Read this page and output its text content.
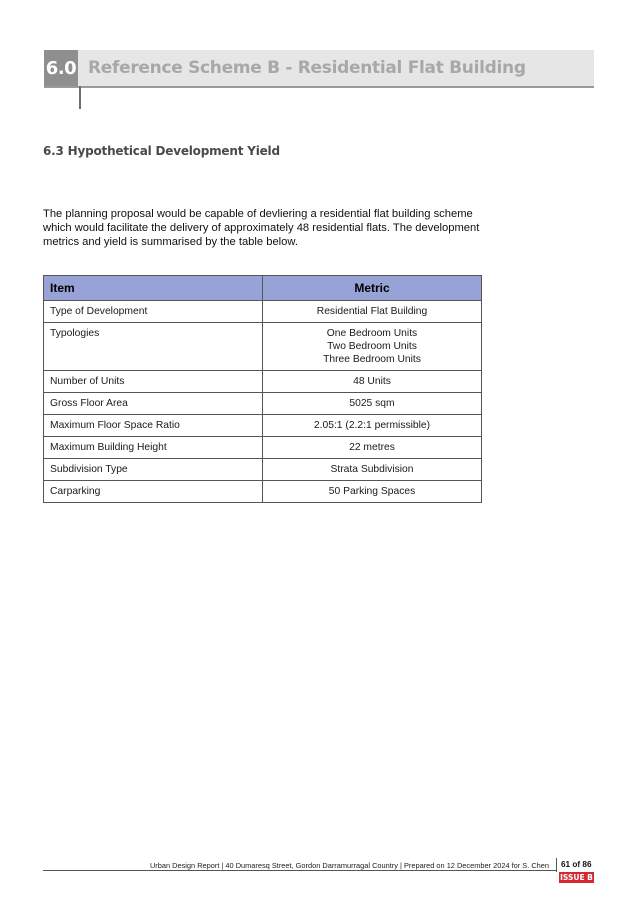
6.0 Reference Scheme B - Residential Flat Building
6.3 Hypothetical Development Yield

The planning proposal would be capable of devliering a residential flat building scheme which would facilitate the delivery of approximately 48 residential flats. The development metrics and yield is summarised by the table below.

Item	Metric
Type of Development	Residential Flat Building

Typologies	One Bedroom Units
Two Bedroom Units
Three Bedroom Units

Number of Units	48 Units

Gross Floor Area	5025 sqm

Maximum Floor Space Ratio	2.05:1 (2.2:1 permissible)

Maximum Building Height	22 metres

Subdivision Type	Strata Subdivision

Carparking	50 Parking Spaces
Urban Design Report | 40 Dumaresq Street, Gordon Darramurragal Country | Prepared on 12 December 2024 for S. Chen 61 of 86
ISSUE B
